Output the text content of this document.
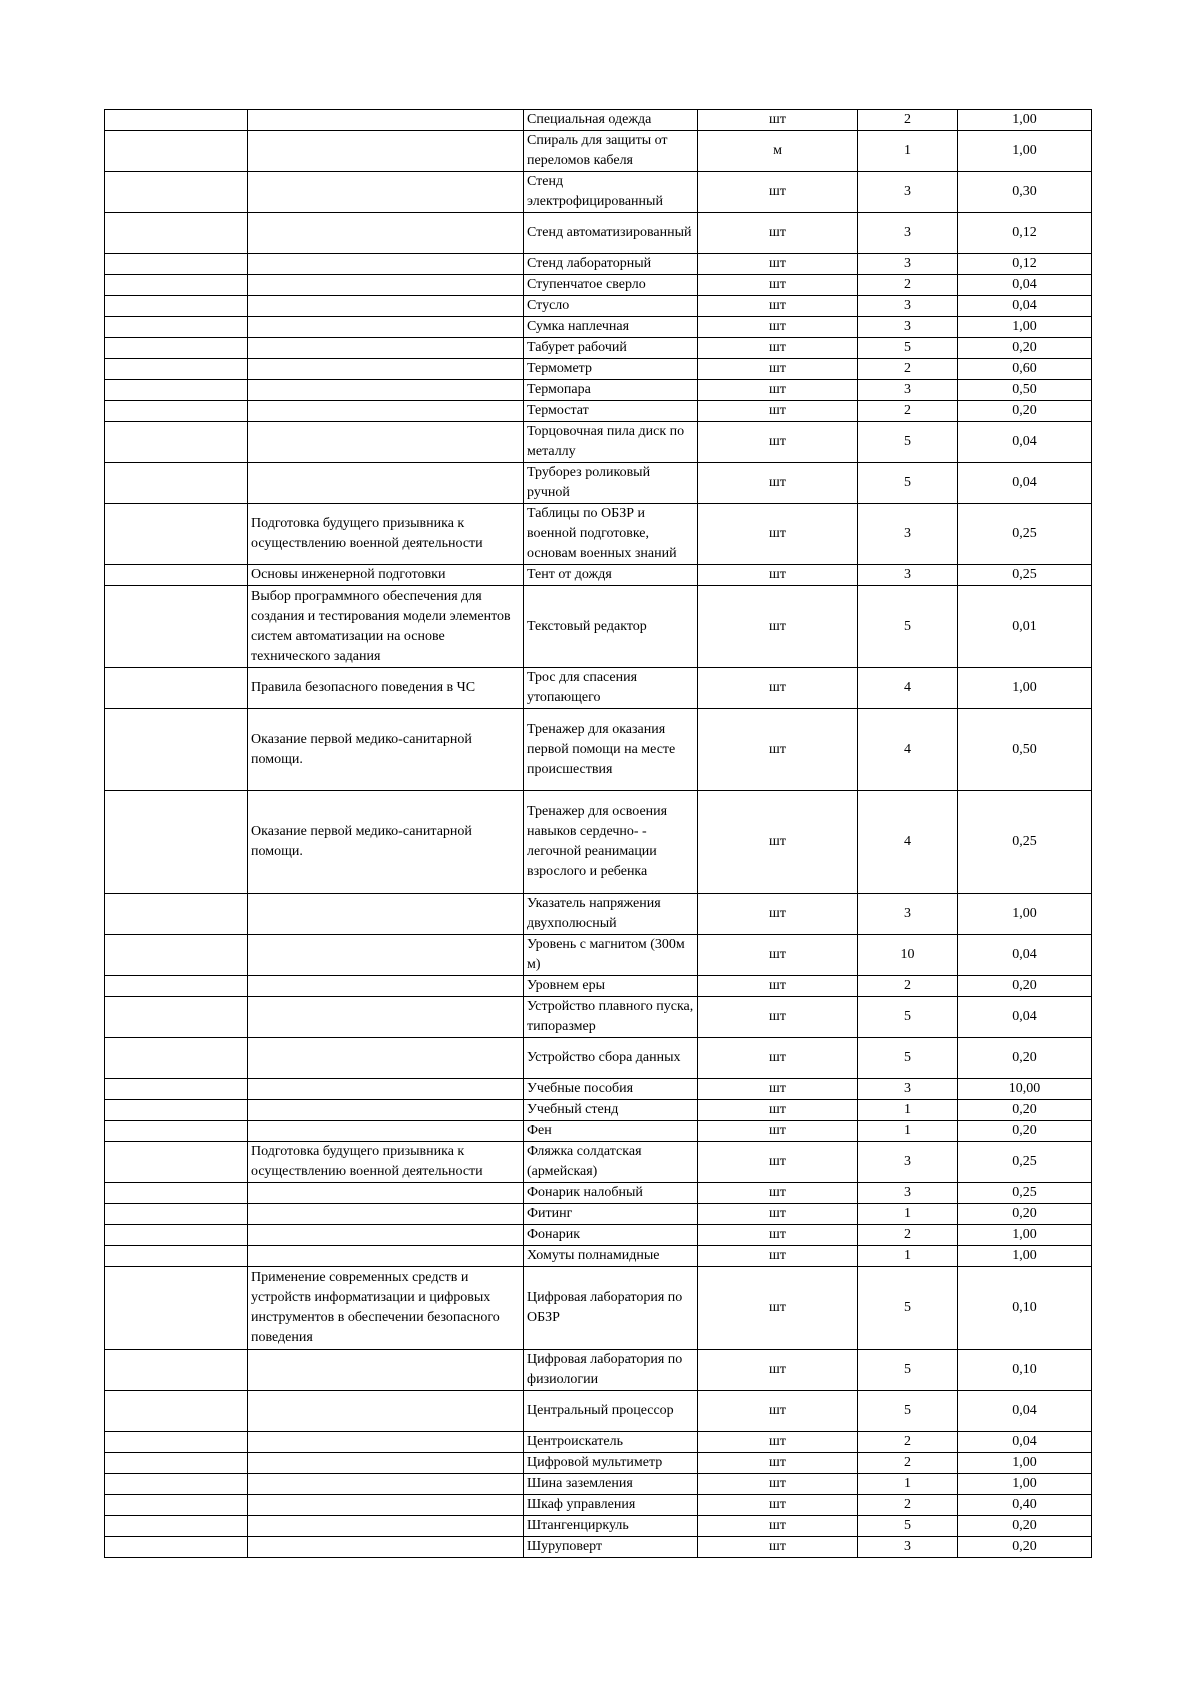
		Специальная одежда	шт	2	1,00
		Спираль для защиты от переломов кабеля	м	1	1,00
		Стенд электрофицированный	шт	3	0,30
		Стенд автоматизированный	шт	3	0,12
		Стенд лабораторный	шт	3	0,12
		Ступенчатое сверло	шт	2	0,04
		Стусло	шт	3	0,04
		Сумка наплечная	шт	3	1,00
		Табурет рабочий	шт	5	0,20
		Термометр	шт	2	0,60
		Термопара	шт	3	0,50
		Термостат	шт	2	0,20
		Торцовочная пила диск по металлу	шт	5	0,04
		Труборез роликовый ручной	шт	5	0,04
	Подготовка будущего призывника к осуществлению военной деятельности	Таблицы по ОБЗР и военной подготовке, основам военных знаний	шт	3	0,25
	Основы инженерной подготовки	Тент от дождя	шт	3	0,25
	Выбор программного обеспечения для создания и тестирования модели элементов систем автоматизации на основе технического задания	Текстовый редактор	шт	5	0,01
	Правила безопасного поведения в ЧС	Трос для спасения утопающего	шт	4	1,00
	Оказание первой медико-санитарной помощи.	Тренажер для оказания первой помощи на месте происшествия	шт	4	0,50
	Оказание первой медико-санитарной помощи.	Тренажер для освоения навыков сердечно- - легочной реанимации взрослого и ребенка	шт	4	0,25
		Указатель напряжения двухполюсный	шт	3	1,00
		Уровень с магнитом (300м м)	шт	10	0,04
		Уровнем еры	шт	2	0,20
		Устройство плавного пуска, типоразмер	шт	5	0,04
		Устройство сбора данных	шт	5	0,20
		Учебные пособия	шт	3	10,00
		Учебный стенд	шт	1	0,20
		Фен	шт	1	0,20
	Подготовка будущего призывника к осуществлению военной деятельности	Фляжка солдатская (армейская)	шт	3	0,25
		Фонарик налобный	шт	3	0,25
		Фитинг	шт	1	0,20
		Фонарик	шт	2	1,00
		Хомуты полнамидные	шт	1	1,00
	Применение современных средств и устройств информатизации и цифровых инструментов в обеспечении безопасного поведения	Цифровая лаборатория по ОБЗР	шт	5	0,10
		Цифровая лаборатория по физиологии	шт	5	0,10
		Центральный процессор	шт	5	0,04
		Центроискатель	шт	2	0,04
		Цифровой мультиметр	шт	2	1,00
		Шина заземления	шт	1	1,00
		Шкаф управления	шт	2	0,40
		Штангенциркуль	шт	5	0,20
		Шуруповерт	шт	3	0,20
